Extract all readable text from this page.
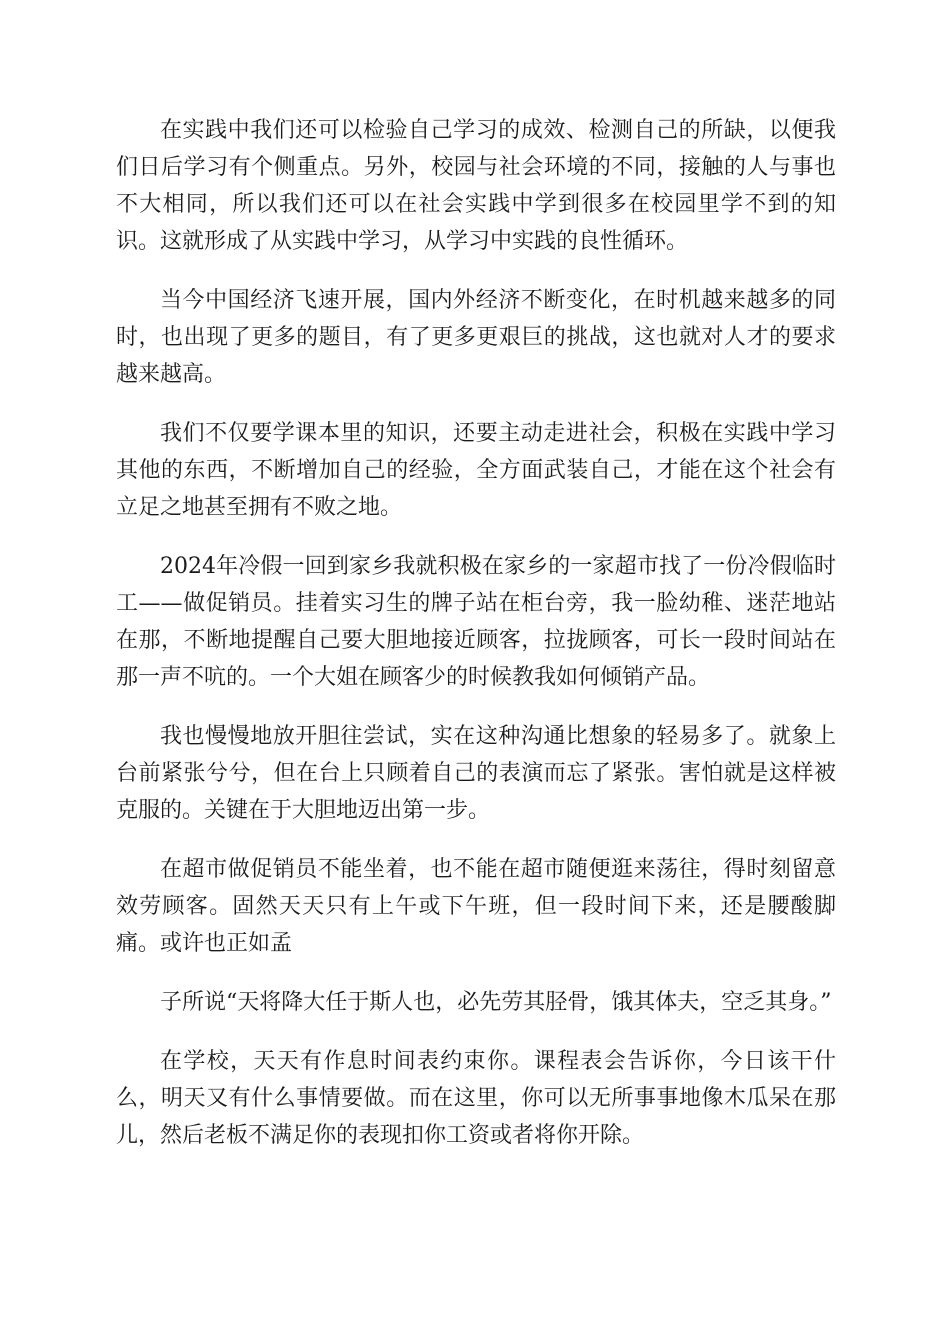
在实践中我们还可以检验自己学习的成效、检测自己的所缺，以便我们日后学习有个侧重点。另外，校园与社会环境的不同，接触的人与事也不大相同，所以我们还可以在社会实践中学到很多在校园里学不到的知识。这就形成了从实践中学习，从学习中实践的良性循环。

当今中国经济飞速开展，国内外经济不断变化，在时机越来越多的同时，也出现了更多的题目，有了更多更艰巨的挑战，这也就对人才的要求越来越高。

我们不仅要学课本里的知识，还要主动走进社会，积极在实践中学习其他的东西，不断增加自己的经验，全方面武装自己，才能在这个社会有立足之地甚至拥有不败之地。

2024年冷假一回到家乡我就积极在家乡的一家超市找了一份冷假临时工——做促销员。挂着实习生的牌子站在柜台旁，我一脸幼稚、迷茫地站在那，不断地提醒自己要大胆地接近顾客，拉拢顾客，可长一段时间站在那一声不吭的。一个大姐在顾客少的时候教我如何倾销产品。

我也慢慢地放开胆往尝试，实在这种沟通比想象的轻易多了。就象上台前紧张兮兮，但在台上只顾着自己的表演而忘了紧张。害怕就是这样被克服的。关键在于大胆地迈出第一步。

在超市做促销员不能坐着，也不能在超市随便逛来荡往，得时刻留意效劳顾客。固然天天只有上午或下午班，但一段时间下来，还是腰酸脚痛。或许也正如孟

子所说“天将降大任于斯人也，必先劳其胫骨，饿其体夫，空乏其身。”

在学校，天天有作息时间表约束你。课程表会告诉你，今日该干什么，明天又有什么事情要做。而在这里，你可以无所事事地像木瓜呆在那儿，然后老板不满足你的表现扣你工资或者将你开除。
